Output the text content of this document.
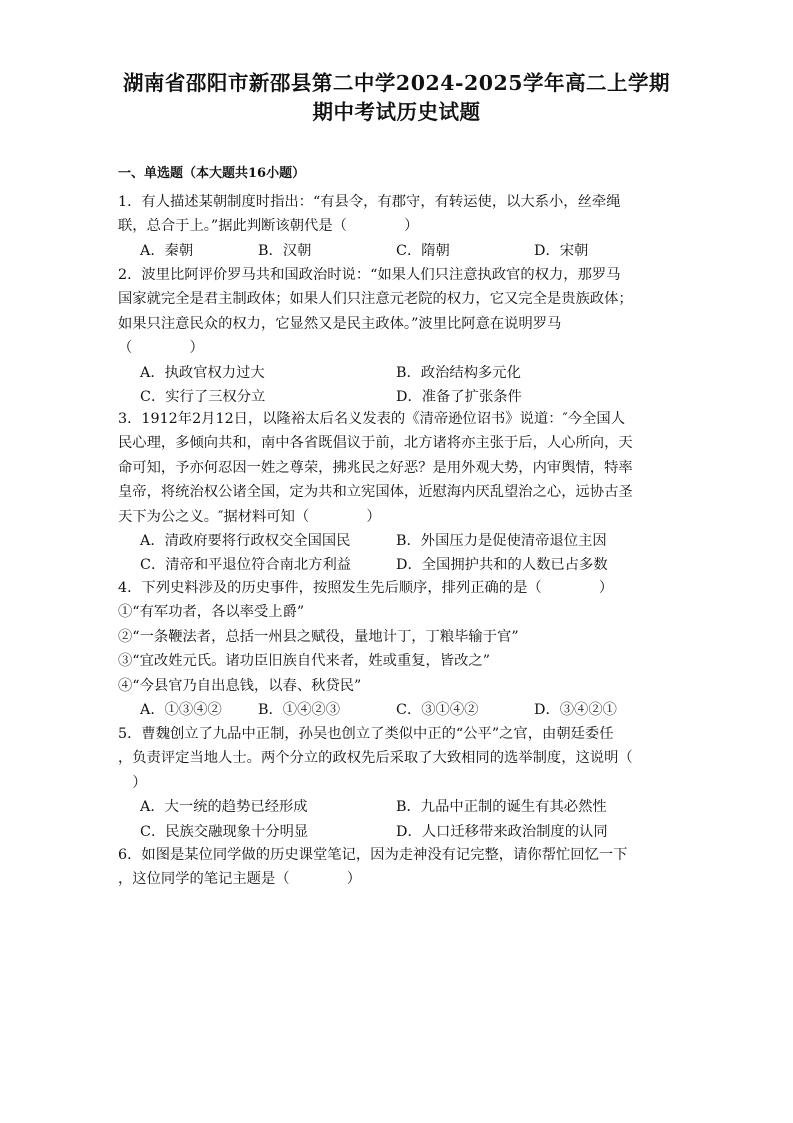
湖南省邵阳市新邵县第二中学2024-2025学年高二上学期
期中考试历史试题
一、单选题（本大题共16小题）

1．有人描述某朝制度时指出：“有县令，有郡守，有转运使，以大系小，丝牵绳

联，总合于上。”据此判断该朝代是（　　　　）

A．秦朝	B．汉朝	C．隋朝	D．宋朝

2．波里比阿评价罗马共和国政治时说：“如果人们只注意执政官的权力，那罗马

国家就完全是君主制政体；如果人们只注意元老院的权力，它又完全是贵族政体；

如果只注意民众的权力，它显然又是民主政体。”波里比阿意在说明罗马

（　　　　）

A．执政官权力过大	B．政治结构多元化
C．实行了三权分立	D．准备了扩张条件

3．1912年2月12日，以隆裕太后名义发表的《清帝逊位诏书》说道：″今全国人

民心理，多倾向共和，南中各省既倡议于前，北方诸将亦主张于后，人心所向，天

命可知，予亦何忍因一姓之尊荣，拂兆民之好恶？是用外观大势，内审舆情，特率

皇帝，将统治权公诸全国，定为共和立宪国体，近慰海内厌乱望治之心，远协古圣

天下为公之义。″据材料可知（　　　　）

A．清政府要将行政权交全国国民	B．外国压力是促使清帝退位主因
C．清帝和平退位符合南北方利益	D．全国拥护共和的人数已占多数

4．下列史料涉及的历史事件，按照发生先后顺序，排列正确的是（　　　　）

①“有军功者，各以率受上爵”

②“一条鞭法者，总括一州县之赋役，量地计丁，丁粮毕输于官”

③“宜改姓元氏。诸功臣旧族自代来者，姓或重复，皆改之”

④“今县官乃自出息钱，以春、秋贷民”

A．①③④②	B．①④②③	C．③①④②	D．③④②①

5．曹魏创立了九品中正制，孙吴也创立了类似中正的“公平”之官，由朝廷委任

，负责评定当地人士。两个分立的政权先后采取了大致相同的选举制度，这说明（

　）

A．大一统的趋势已经形成	B．九品中正制的诞生有其必然性
C．民族交融现象十分明显	D．人口迁移带来政治制度的认同

6．如图是某位同学做的历史课堂笔记，因为走神没有记完整，请你帮忙回忆一下

，这位同学的笔记主题是（　　　　）
